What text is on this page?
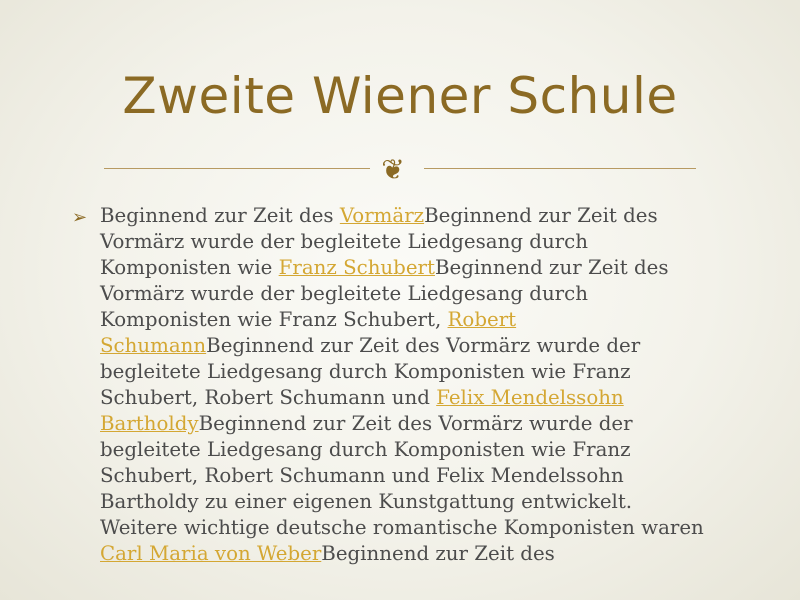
Zweite Wiener Schule
❦
➢ Beginnend zur Zeit des VormärzBeginnend zur Zeit des Vormärz wurde der begleitete Liedgesang durch Komponisten wie Franz SchubertBeginnend zur Zeit des Vormärz wurde der begleitete Liedgesang durch Komponisten wie Franz Schubert, Robert SchumannBeginnend zur Zeit des Vormärz wurde der begleitete Liedgesang durch Komponisten wie Franz Schubert, Robert Schumann und Felix Mendelssohn BartholdyBeginnend zur Zeit des Vormärz wurde der begleitete Liedgesang durch Komponisten wie Franz Schubert, Robert Schumann und Felix Mendelssohn Bartholdy zu einer eigenen Kunstgattung entwickelt. Weitere wichtige deutsche romantische Komponisten waren Carl Maria von WeberBeginnend zur Zeit des
